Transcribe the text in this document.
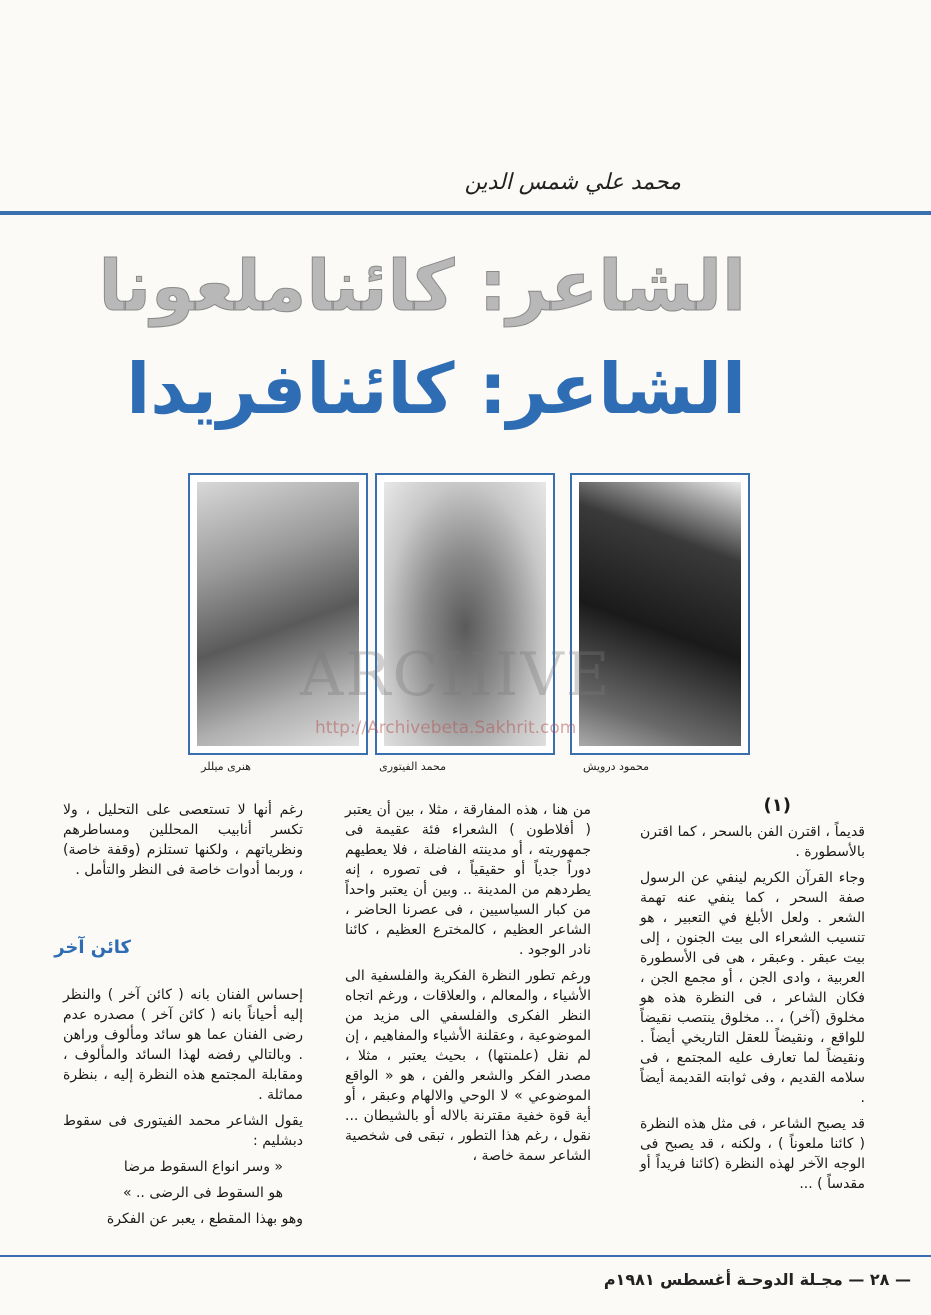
محمد علي شمس الدين
الشاعر: كائناملعونا
الشاعر: كائنافريدا
محمود درويش
محمد الفيتورى
هنرى ميللر
ARCHIVE
http://Archivebeta.Sakhrit.com
(١)

قديماً ، اقترن الفن بالسحر ، كما اقترن بالأسطورة .

وجاء القرآن الكريم لينفي عن الرسول صفة السحر ، كما ينفي عنه تهمة الشعر . ولعل الأبلغ في التعبير ، هو تنسيب الشعراء الى بيت الجنون ، إلى بيت عبقر . وعبقر ، هى فى الأسطورة العربية ، وادى الجن ، أو مجمع الجن ، فكان الشاعر ، فى النظرة هذه هو مخلوق (آخر) ، .. مخلوق ينتصب نقيضاً للواقع ، ونقيضاً للعقل التاريخي أيضاً . ونقيضاً لما تعارف عليه المجتمع ، فى سلامه القديم ، وفى ثوابته القديمة أيضاً .

قد يصبح الشاعر ، فى مثل هذه النظرة ( كائنا ملعوناً ) ، ولكنه ، قد يصبح فى الوجه الآخر لهذه النظرة (كائنا فريداً أو مقدساً ) ...

من هنا ، هذه المفارقة ، مثلا ، بين أن يعتبر ( أفلاطون ) الشعراء فئة عقيمة فى جمهوريته ، أو مدينته الفاضلة ، فلا يعطيهم دوراً جدياً أو حقيقياً ، فى تصوره ، إنه يطردهم من المدينة .. وبين أن يعتبر واحداً من كبار السياسيين ، فى عصرنا الحاضر ، الشاعر العظيم ، كالمخترع العظيم ، كائنا نادر الوجود .

ورغم تطور النظرة الفكرية والفلسفية الى الأشياء ، والمعالم ، والعلاقات ، ورغم اتجاه النظر الفكرى والفلسفي الى مزيد من الموضوعية ، وعقلنة الأشياء والمفاهيم ، إن لم نقل (علمنتها) ، بحيث يعتبر ، مثلا ، مصدر الفكر والشعر والفن ، هو « الواقع الموضوعي » لا الوحي والالهام وعبقر ، أو أية قوة خفية مقترنة بالاله أو بالشيطان ... نقول ، رغم هذا التطور ، تبقى فى شخصية الشاعر سمة خاصة ،

رغم أنها لا تستعصى على التحليل ، ولا تكسر أنابيب المحللين ومساطرهم ونظرياتهم ، ولكنها تستلزم (وقفة خاصة) ، وربما أدوات خاصة فى النظر والتأمل .

كائن آخر

إحساس الفنان بانه ( كائن آخر ) والنظر إليه أحياناً بانه ( كائن آخر ) مصدره عدم رضى الفنان عما هو سائد ومألوف وراهن . وبالتالي رفضه لهذا السائد والمألوف ، ومقابلة المجتمع هذه النظرة إليه ، بنظرة مماثلة .

يقول الشاعر محمد الفيتورى فى سقوط دبشليم :

« وسر انواع السقوط مرضا

هو السقوط فى الرضى .. »

وهو بهذا المقطع ، يعبر عن الفكرة

— ٢٨ — مجـلة الدوحـة أغسطس ١٩٨١م
